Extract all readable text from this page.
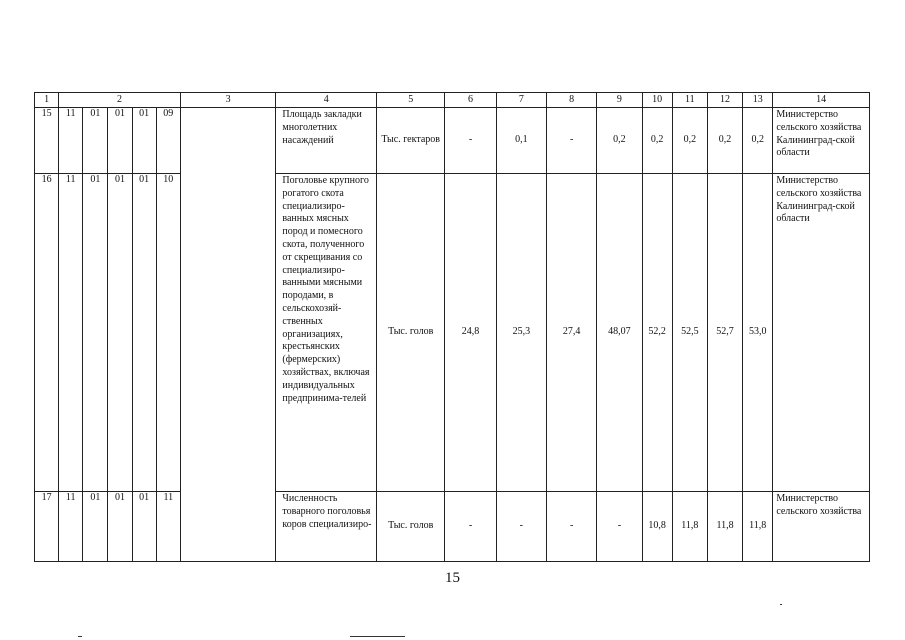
1	2					3	4	5	6	7	8	9	10	11	12	13	14
15	11	01	01	01	09		Площадь закладки многолетних насаждений	Тыс. гектаров	-	0,1	-	0,2	0,2	0,2	0,2	0,2	Министерство сельского хозяйства Калининград-ской области
16	11	01	01	01	10		Поголовье крупного рогатого скота специализиро-ванных мясных пород и помесного скота, полученного от скрещивания со специализиро-ванными мясными породами, в сельскохозяй-ственных организациях, крестьянских (фермерских) хозяйствах, включая индивидуальных предпринима-телей	Тыс. голов	24,8	25,3	27,4	48,07	52,2	52,5	52,7	53,0	Министерство сельского хозяйства Калининград-ской области
17	11	01	01	01	11		Численность товарного поголовья коров специализиро-	Тыс. голов	-	-	-	-	10,8	11,8	11,8	11,8	Министерство сельского хозяйства
15
